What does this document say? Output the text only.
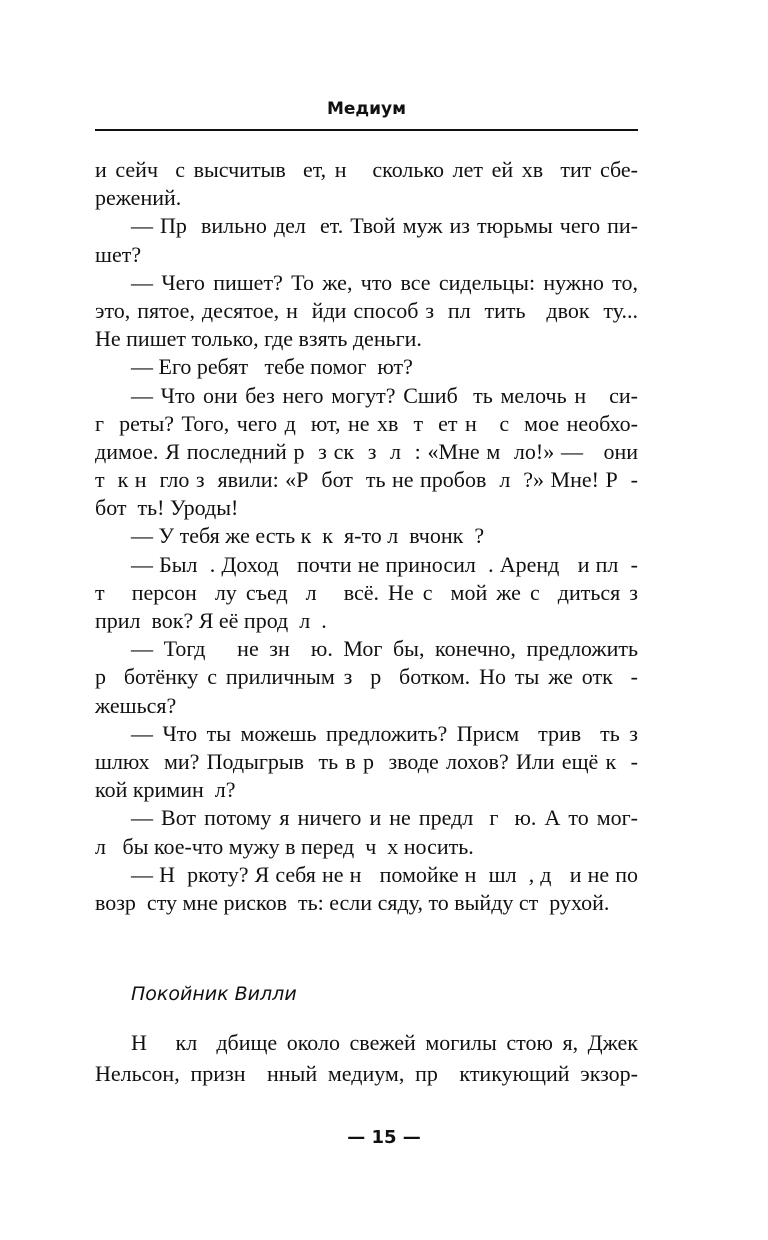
Медиум
и сейч  с высчитыв  ет, н   сколько лет ей хв  тит сбе-
режений.
— Пр  вильно дел  ет. Твой муж из тюрьмы чего пи-
шет?
— Чего пишет? То же, что все сидельцы: нужно то,
это, пятое, десятое, н  йди способ з  пл  тить   двок  ту...
Не пишет только, где взять деньги.
— Его ребят   тебе помог  ют?
— Что они без него могут? Сшиб  ть мелочь н   си-
г  реты? Того, чего д  ют, не хв  т  ет н   с  мое необхо-
димое. Я последний р  з ск  з  л  : «Мне м  ло!» —   они
т  к н  гло з  явили: «Р  бот  ть не пробов  л  ?» Мне! Р  -
бот  ть! Уроды!
— У тебя же есть к  к  я-то л  вчонк  ?
— Был  . Доход   почти не приносил  . Аренд   и пл  -
т   персон  лу съед  л   всё. Не с  мой же с  диться з
прил  вок? Я её прод  л  .
— Тогд   не зн  ю. Мог бы, конечно, предложить
р  ботёнку с приличным з  р  ботком. Но ты же отк  -
жешься?
— Что ты можешь предложить? Присм  трив  ть з
шлюх  ми? Подыгрыв  ть в р  зводе лохов? Или ещё к  -
кой кримин  л?
— Вот потому я ничего и не предл  г  ю. А то мог-
л   бы кое-что мужу в перед  ч  х носить.
— Н  ркоту? Я себя не н   помойке н  шл  , д   и не по
возр  сту мне рисков  ть: если сяду, то выйду ст  рухой.
Покойник Вилли
Н   кл  дбище около свежей могилы стою я, Джек
Нельсон, призн  нный медиум, пр  ктикующий экзор-
— 15 —
